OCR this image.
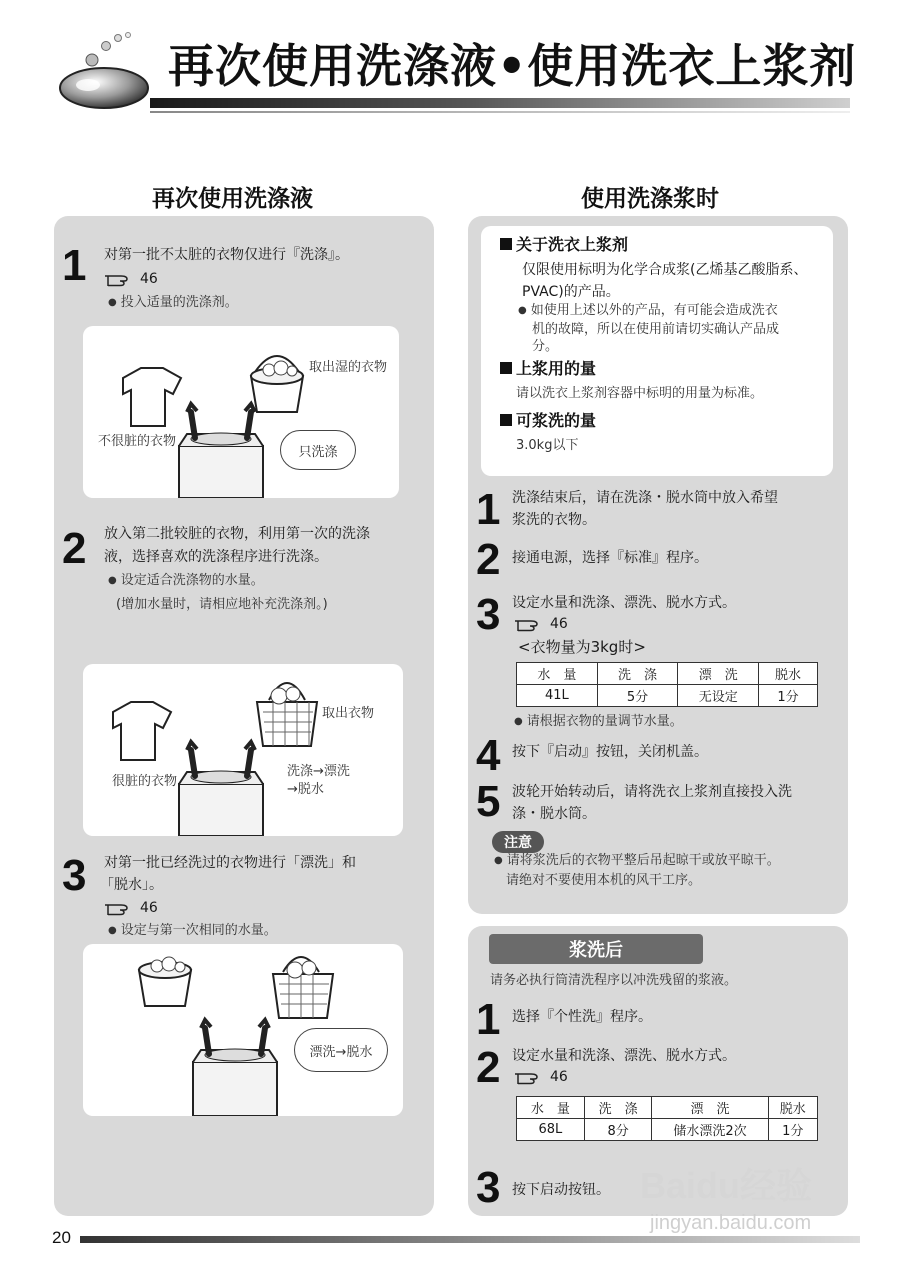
再次使用洗涤液•使用洗衣上浆剂
再次使用洗涤液
1 对第一批不太脏的衣物仅进行『洗涤』。
46
● 投入适量的洗涤剂。
取出湿的衣物
不很脏的衣物
只洗涤
2 放入第二批较脏的衣物，利用第一次的洗涤
液，选择喜欢的洗涤程序进行洗涤。
● 设定适合洗涤物的水量。
(增加水量时，请相应地补充洗涤剂。)
取出衣物
很脏的衣物
洗涤→漂洗
→脱水
3 对第一批已经洗过的衣物进行「漂洗」和
「脱水」。
46
● 设定与第一次相同的水量。
漂洗→脱水
使用洗涤浆时
关于洗衣上浆剂
仅限使用标明为化学合成浆(乙烯基乙酸脂系、
PVAC)的产品。
● 如使用上述以外的产品，有可能会造成洗衣
机的故障，所以在使用前请切实确认产品成
分。
上浆用的量
请以洗衣上浆剂容器中标明的用量为标准。
可浆洗的量
3.0kg以下
1 洗涤结束后，请在洗涤・脱水筒中放入希望
浆洗的衣物。
2 接通电源，选择『标准』程序。
3 设定水量和洗涤、漂洗、脱水方式。
46
<衣物量为3kg时>
水　量	洗　涤	漂　洗	脱水
41L	5分	无设定	1分
● 请根据衣物的量调节水量。
4 按下『启动』按钮，关闭机盖。
5 波轮开始转动后，请将洗衣上浆剂直接投入洗
涤・脱水筒。
注意
● 请将浆洗后的衣物平整后吊起晾干或放平晾干。
请绝对不要使用本机的风干工序。
浆洗后
请务必执行筒清洗程序以冲洗残留的浆液。
1 选择『个性洗』程序。
2 设定水量和洗涤、漂洗、脱水方式。
46
水　量	洗　涤	漂　洗	脱水
68L	8分	储水漂洗2次	1分
3 按下启动按钮。 Baidu经验
jingyan.baidu.com
20
